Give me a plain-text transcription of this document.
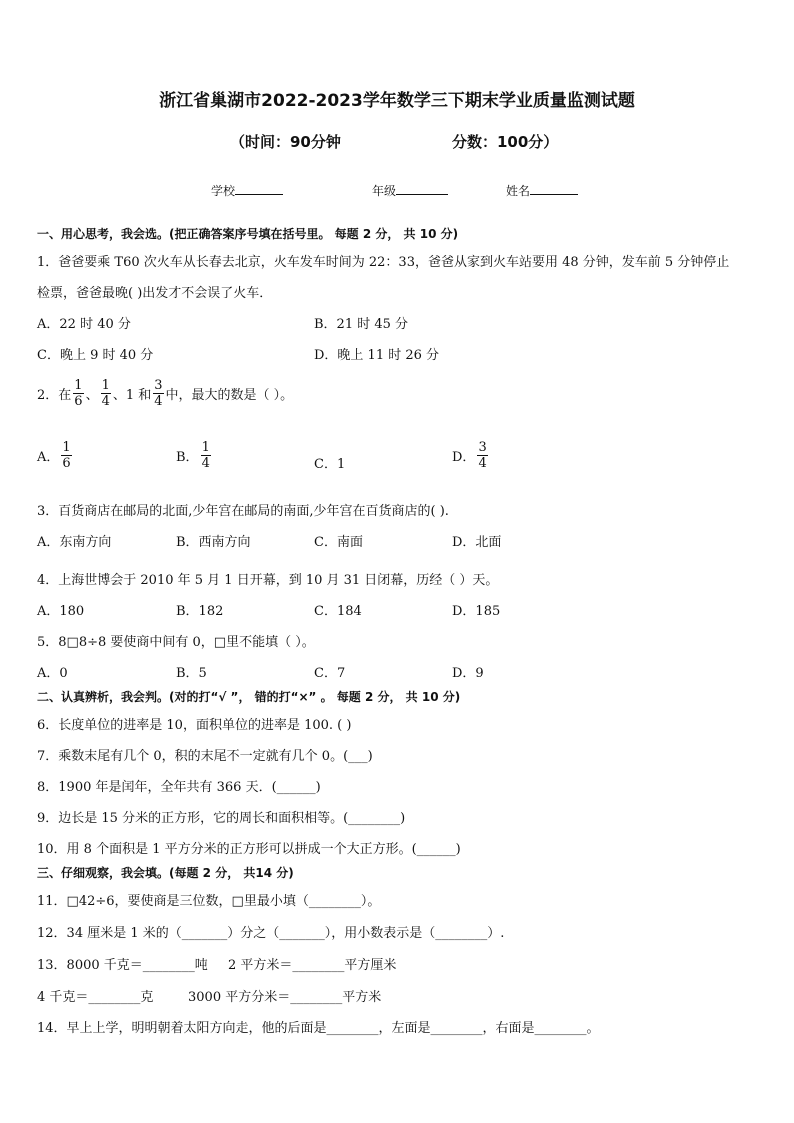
浙江省巢湖市2022-2023学年数学三下期末学业质量监测试题
（时间：90分钟	分数：100分）
学校	年级	姓名
一、用心思考，我会选。(把正确答案序号填在括号里。 每题 2 分， 共 10 分)
1．爸爸要乘 T60 次火车从长春去北京，火车发车时间为 22：33，爸爸从家到火车站要用 48 分钟，发车前 5 分钟停止
检票，爸爸最晚( )出发才不会误了火车．
A．22 时 40 分	B．21 时 45 分
C．晚上 9 时 40 分	D．晚上 11 时 26 分
2．在 $\frac{1}{6}$ 、 $\frac{1}{4}$ 、1 和 $\frac{3}{4}$ 中，最大的数是（ ）。
A． $\frac{1}{6}$	B． $\frac{1}{4}$	C．1	D． $\frac{3}{4}$
3．百货商店在邮局的北面,少年宫在邮局的南面,少年宫在百货商店的( ).
A．东南方向	B．西南方向	C．南面	D．北面
4．上海世博会于 2010 年 5 月 1 日开幕，到 10 月 31 日闭幕，历经（ ）天。
A．180	B．182	C．184	D．185
5．8□8÷8 要使商中间有 0，□里不能填（ ）。
A．0	B．5	C．7	D．9
二、认真辨析，我会判。(对的打“√ ”， 错的打“×” 。 每题 2 分， 共 10 分)
6．长度单位的进率是 10，面积单位的进率是 100. ( )
7．乘数末尾有几个 0，积的末尾不一定就有几个 0。(___)
8．1900 年是闰年，全年共有 366 天．(______)
9．边长是 15 分米的正方形，它的周长和面积相等。(________)
10．用 8 个面积是 1 平方分米的正方形可以拼成一个大正方形。(______)
三、仔细观察，我会填。(每题 2 分， 共14 分)
11．□42÷6，要使商是三位数，□里最小填（________）。
12．34 厘米是 1 米的（_______）分之（_______），用小数表示是（________）.
13．8000 千克＝________吨 2 平方米＝________平方厘米
4 千克＝________克	3000 平方分米＝________平方米
14．早上上学，明明朝着太阳方向走，他的后面是________，左面是________，右面是________。
